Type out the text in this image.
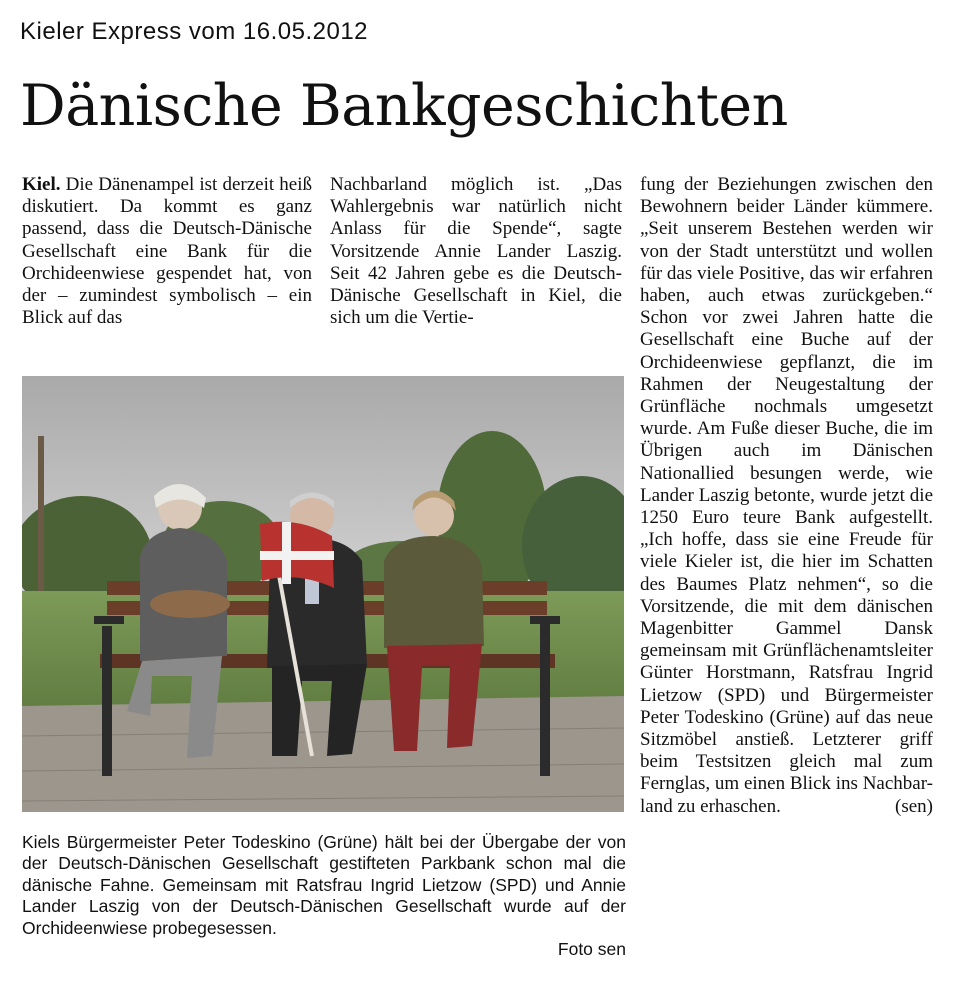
Kieler Express vom 16.05.2012
Dänische Bankgeschichten
Kiel. Die Dänenampel ist derzeit heiß diskutiert. Da kommt es ganz passend, dass die Deutsch-Dänische Gesellschaft eine Bank für die Orchideenwiese gespendet hat, von der – zumindest symbolisch – ein Blick auf das
Nachbarland möglich ist. „Das Wahlergebnis war natürlich nicht Anlass für die Spende“, sagte Vorsitzende Annie Lander Laszig. Seit 42 Jahren gebe es die Deutsch-Dänische Gesellschaft in Kiel, die sich um die Vertie-
fung der Beziehungen zwischen den Bewohnern beider Länder kümmere. „Seit unserem Bestehen werden wir von der Stadt unterstützt und wollen für das viele Positive, das wir erfahren haben, auch etwas zurückgeben.“ Schon vor zwei Jahren hatte die Gesellschaft eine Buche auf der Orchideenwiese gepflanzt, die im Rahmen der Neugestaltung der Grünfläche nochmals umgesetzt wurde. Am Fuße dieser Buche, die im Übrigen auch im Dänischen Nationallied besungen werde, wie Lander Laszig betonte, wurde jetzt die 1250 Euro teure Bank aufgestellt. „Ich hoffe, dass sie eine Freude für viele Kieler ist, die hier im Schatten des Baumes Platz nehmen“, so die Vorsitzende, die mit dem dänischen Magenbitter Gammel Dansk gemeinsam mit Grünflächenamtsleiter Günter Horstmann, Ratsfrau Ingrid Lietzow (SPD) und Bürgermeister Peter Todeskino (Grüne) auf das neue Sitzmöbel anstieß. Letzterer griff beim Testsitzen gleich mal zum Fernglas, um einen Blick ins Nachbar-
land zu erhaschen.	(sen)
Kiels Bürgermeister Peter Todeskino (Grüne) hält bei der Übergabe der von der Deutsch-Dänischen Gesellschaft gestifteten Parkbank schon mal die dänische Fahne. Gemeinsam mit Ratsfrau Ingrid Lietzow (SPD) und Annie Lander Laszig von der Deutsch-Dänischen Gesellschaft wurde auf der Orchideenwiese probegesessen.
Foto sen
